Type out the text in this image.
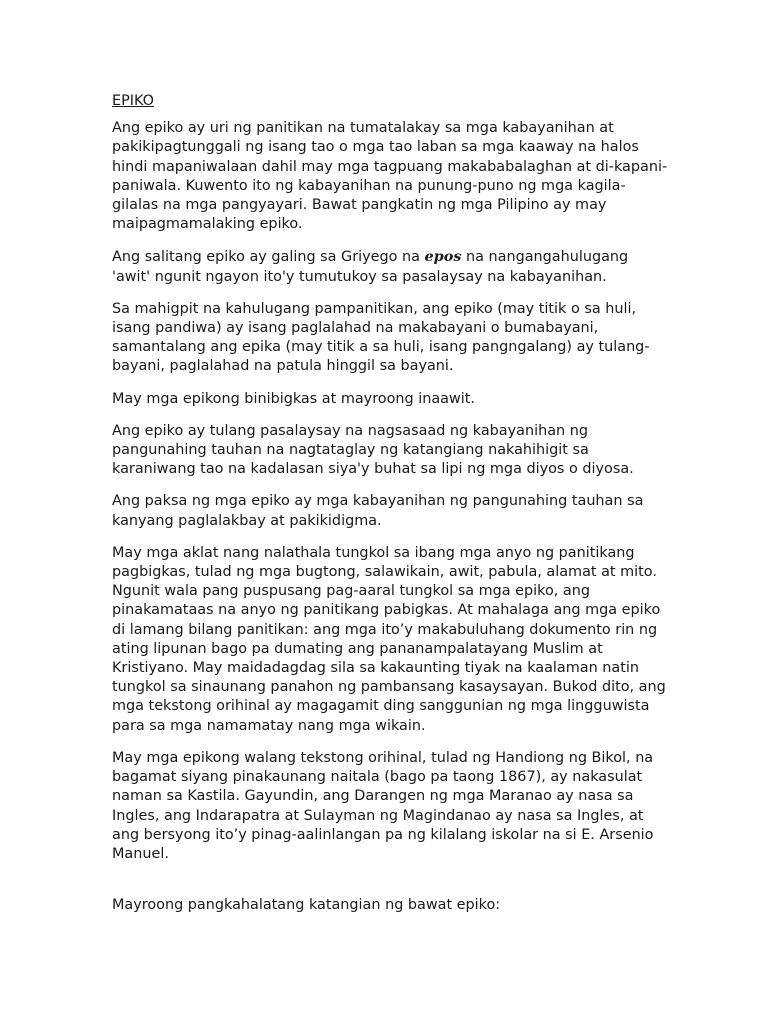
EPIKO

Ang epiko ay uri ng panitikan na tumatalakay sa mga kabayanihan at pakikipagtunggali ng isang tao o mga tao laban sa mga kaaway na halos hindi mapaniwalaan dahil may mga tagpuang makababalaghan at di-kapani-paniwala. Kuwento ito ng kabayanihan na punung-puno ng mga kagila-gilalas na mga pangyayari. Bawat pangkatin ng mga Pilipino ay may maipagmamalaking epiko.

Ang salitang epiko ay galing sa Griyego na epos na nangangahulugang 'awit' ngunit ngayon ito'y tumutukoy sa pasalaysay na kabayanihan.

Sa mahigpit na kahulugang pampanitikan, ang epiko (may titik o sa huli, isang pandiwa) ay isang paglalahad na makabayani o bumabayani, samantalang ang epika (may titik a sa huli, isang pangngalang) ay tulang-bayani, paglalahad na patula hinggil sa bayani.

May mga epikong binibigkas at mayroong inaawit.

Ang epiko ay tulang pasalaysay na nagsasaad ng kabayanihan ng pangunahing tauhan na nagtataglay ng katangiang nakahihigit sa karaniwang tao na kadalasan siya'y buhat sa lipi ng mga diyos o diyosa.

Ang paksa ng mga epiko ay mga kabayanihan ng pangunahing tauhan sa kanyang paglalakbay at pakikidigma.

May mga aklat nang nalathala tungkol sa ibang mga anyo ng panitikang pagbigkas, tulad ng mga bugtong, salawikain, awit, pabula, alamat at mito. Ngunit wala pang puspusang pag-aaral tungkol sa mga epiko, ang pinakamataas na anyo ng panitikang pabigkas. At mahalaga ang mga epiko di lamang bilang panitikan: ang mga ito’y makabuluhang dokumento rin ng ating lipunan bago pa dumating ang pananampalatayang Muslim at Kristiyano. May maidadagdag sila sa kakaunting tiyak na kaalaman natin tungkol sa sinaunang panahon ng pambansang kasaysayan. Bukod dito, ang mga tekstong orihinal ay magagamit ding sanggunian ng mga lingguwista para sa mga namamatay nang mga wikain.

May mga epikong walang tekstong orihinal, tulad ng Handiong ng Bikol, na bagamat siyang pinakaunang naitala (bago pa taong 1867), ay nakasulat naman sa Kastila. Gayundin, ang Darangen ng mga Maranao ay nasa sa Ingles, ang Indarapatra at Sulayman ng Magindanao ay nasa sa Ingles, at ang bersyong ito’y pinag-aalinlangan pa ng kilalang iskolar na si E. Arsenio Manuel.

Mayroong pangkahalatang katangian ng bawat epiko:
